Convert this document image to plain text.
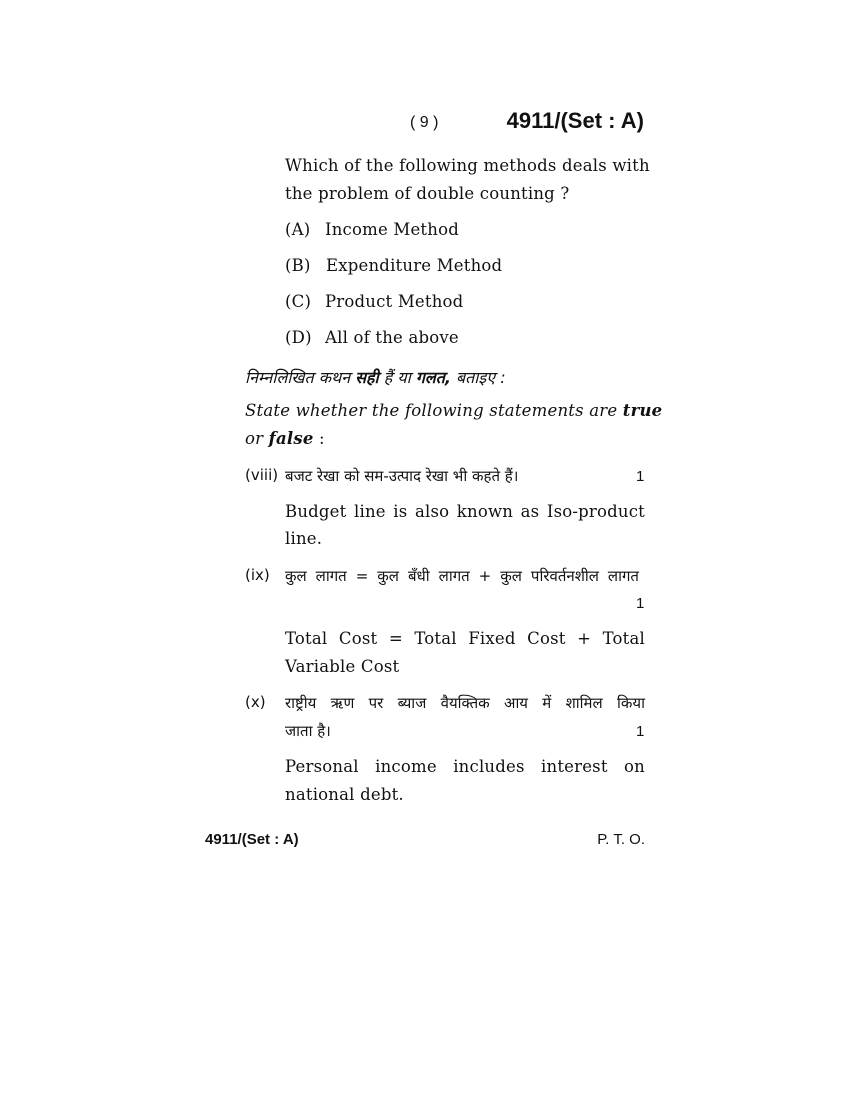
( 9 )	4911/(Set : A)
Which of the following methods deals with
the problem of double counting ?
(A) Income Method
(B) Expenditure Method
(C) Product Method
(D) All of the above
निम्नलिखित कथन सही हैं या गलत, बताइए :
State whether the following statements are true
or false :
(viii) बजट रेखा को सम-उत्पाद रेखा भी कहते हैं।	1
Budget line is also known as Iso-product
line.
(ix) कुल लागत = कुल बँधी लागत + कुल परिवर्तनशील लागत
1
Total Cost = Total Fixed Cost + Total
Variable Cost
(x) राष्ट्रीय ऋण पर ब्याज वैयक्तिक आय में शामिल किया
जाता है।	1
Personal income includes interest on
national debt.
4911/(Set : A)	P. T. O.
